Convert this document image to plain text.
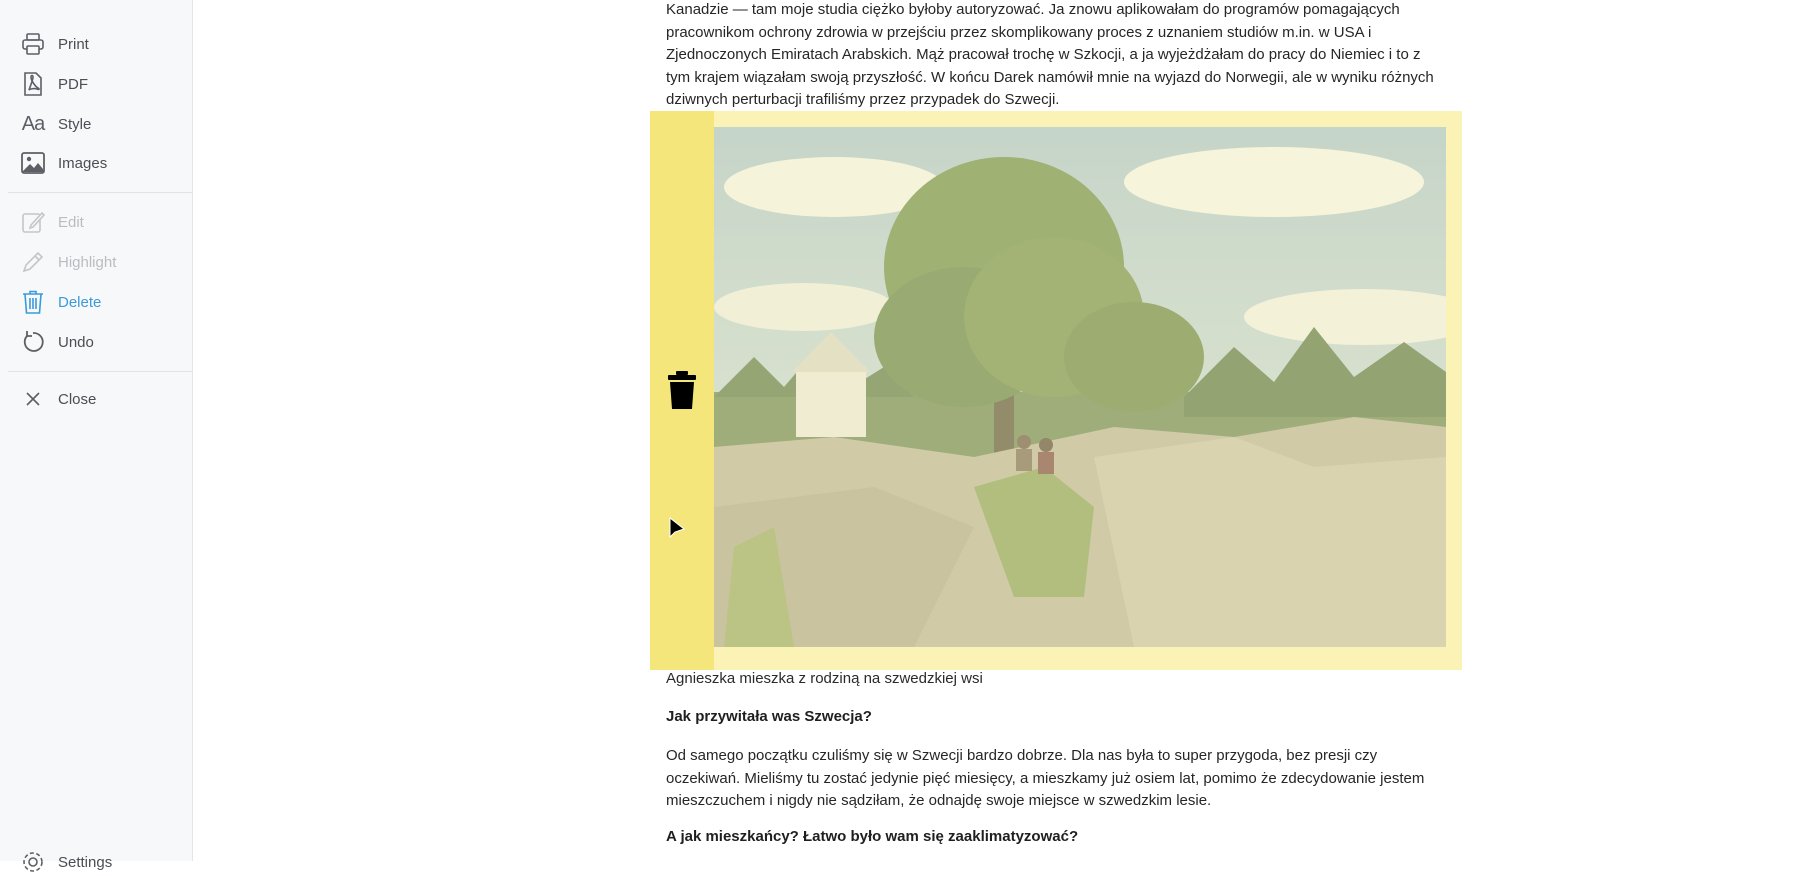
Print
PDF
Aa Style
Images
Edit
Highlight
Delete
Undo
Close
Settings

Kanadzie — tam moje studia ciężko byłoby autoryzować. Ja znowu aplikowałam do programów pomagających pracownikom ochrony zdrowia w przejściu przez skomplikowany proces z uznaniem studiów m.in. w USA i Zjednoczonych Emiratach Arabskich. Mąż pracował trochę w Szkocji, a ja wyjeżdżałam do pracy do Niemiec i to z tym krajem wiązałam swoją przyszłość. W końcu Darek namówił mnie na wyjazd do Norwegii, ale w wyniku różnych dziwnych perturbacji trafiliśmy przez przypadek do Szwecji.

Agnieszka mieszka z rodziną na szwedzkiej wsi
Jak przywitała was Szwecja?

Od samego początku czuliśmy się w Szwecji bardzo dobrze. Dla nas była to super przygoda, bez presji czy oczekiwań. Mieliśmy tu zostać jedynie pięć miesięcy, a mieszkamy już osiem lat, pomimo że zdecydowanie jestem mieszczuchem i nigdy nie sądziłam, że odnajdę swoje miejsce w szwedzkim lesie.

A jak mieszkańcy? Łatwo było wam się zaaklimatyzować?
